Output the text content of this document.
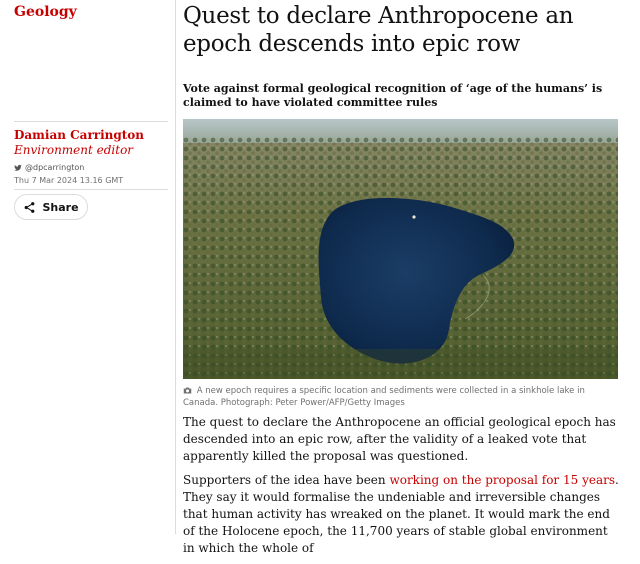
Geology
Damian Carrington
Environment editor
@dpcarrington
Thu 7 Mar 2024 13.16 GMT
Share
Quest to declare Anthropocene an epoch descends into epic row

Vote against formal geological recognition of ‘age of the humans’ is claimed to have violated committee rules

A new epoch requires a specific location and sediments were collected in a sinkhole lake in Canada. Photograph: Peter Power/AFP/Getty Images

The quest to declare the Anthropocene an official geological epoch has descended into an epic row, after the validity of a leaked vote that apparently killed the proposal was questioned.

Supporters of the idea have been working on the proposal for 15 years. They say it would formalise the undeniable and irreversible changes that human activity has wreaked on the planet. It would mark the end of the Holocene epoch, the 11,700 years of stable global environment in which the whole of
